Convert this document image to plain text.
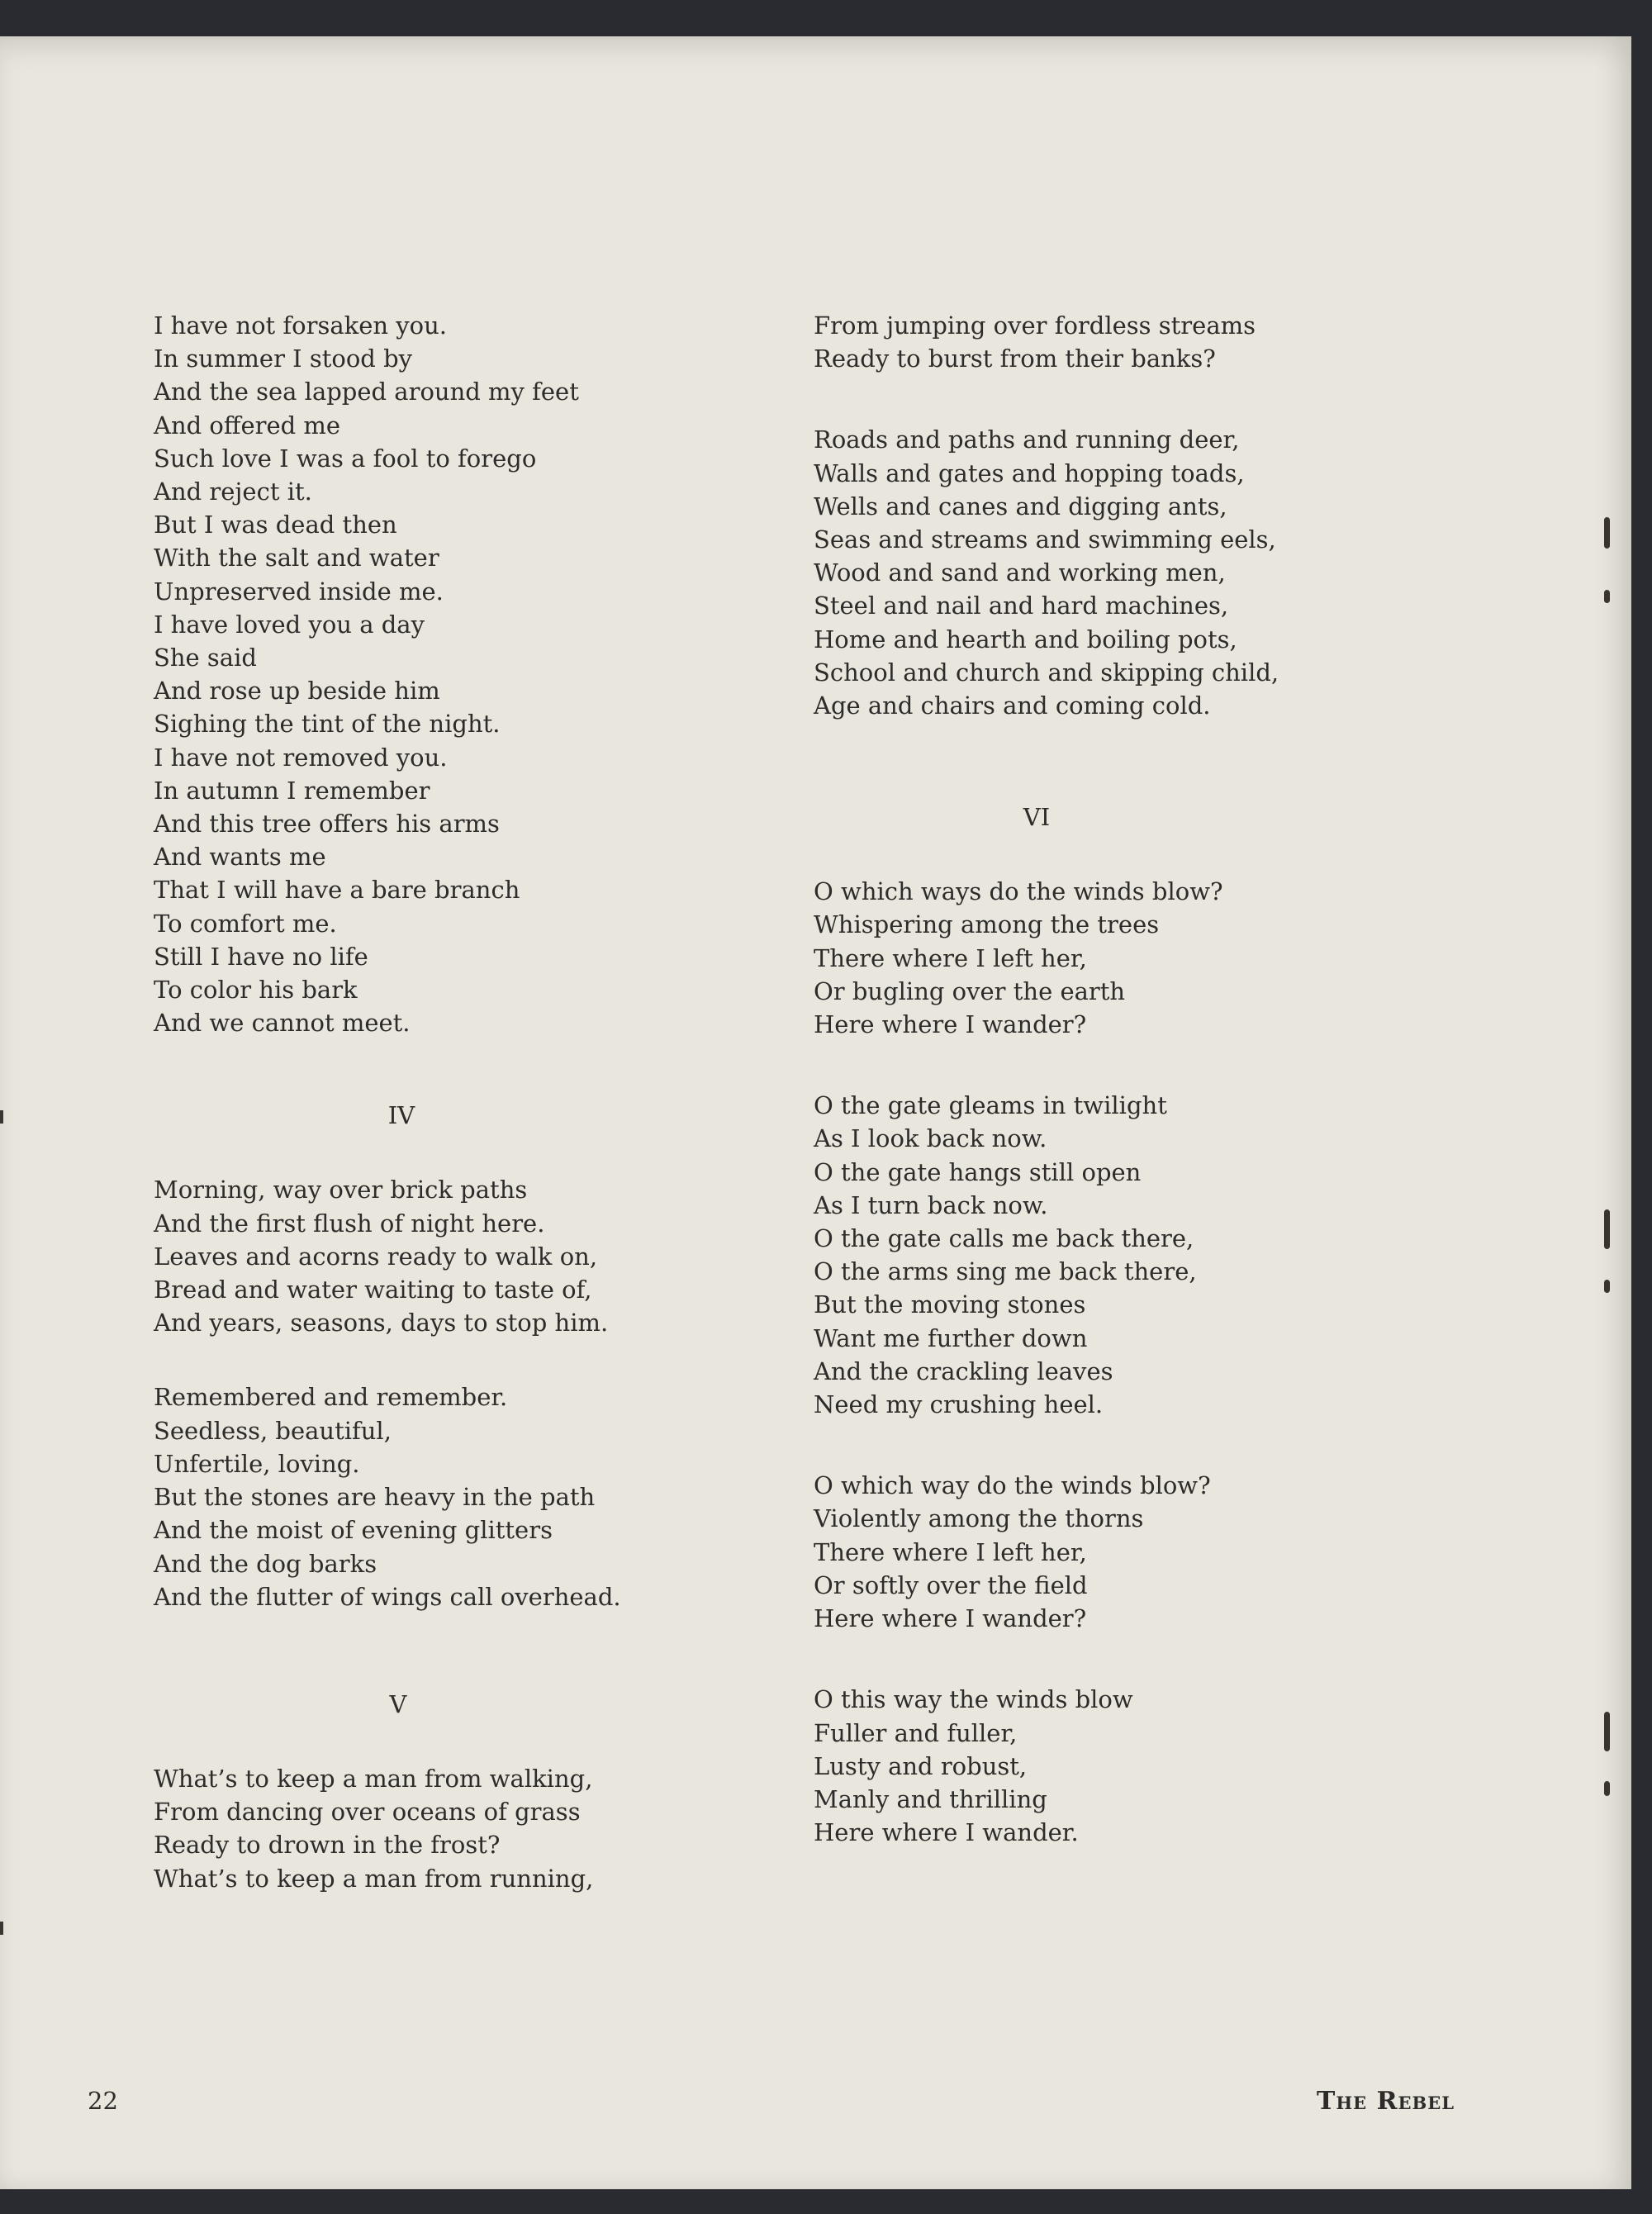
I have not forsaken you.
In summer I stood by
And the sea lapped around my feet
And offered me
Such love I was a fool to forego
And reject it.
But I was dead then
With the salt and water
Unpreserved inside me.
I have loved you a day
She said
And rose up beside him
Sighing the tint of the night.
I have not removed you.
In autumn I remember
And this tree offers his arms
And wants me
That I will have a bare branch
To comfort me.
Still I have no life
To color his bark
And we cannot meet.
IV
Morning, way over brick paths
And the first flush of night here.
Leaves and acorns ready to walk on,
Bread and water waiting to taste of,
And years, seasons, days to stop him.
Remembered and remember.
Seedless, beautiful,
Unfertile, loving.
But the stones are heavy in the path
And the moist of evening glitters
And the dog barks
And the flutter of wings call overhead.
V
What’s to keep a man from walking,
From dancing over oceans of grass
Ready to drown in the frost?
What’s to keep a man from running,
From jumping over fordless streams
Ready to burst from their banks?
Roads and paths and running deer,
Walls and gates and hopping toads,
Wells and canes and digging ants,
Seas and streams and swimming eels,
Wood and sand and working men,
Steel and nail and hard machines,
Home and hearth and boiling pots,
School and church and skipping child,
Age and chairs and coming cold.
VI
O which ways do the winds blow?
Whispering among the trees
There where I left her,
Or bugling over the earth
Here where I wander?
O the gate gleams in twilight
As I look back now.
O the gate hangs still open
As I turn back now.
O the gate calls me back there,
O the arms sing me back there,
But the moving stones
Want me further down
And the crackling leaves
Need my crushing heel.
O which way do the winds blow?
Violently among the thorns
There where I left her,
Or softly over the field
Here where I wander?
O this way the winds blow
Fuller and fuller,
Lusty and robust,
Manly and thrilling
Here where I wander.
22	The Rebel
